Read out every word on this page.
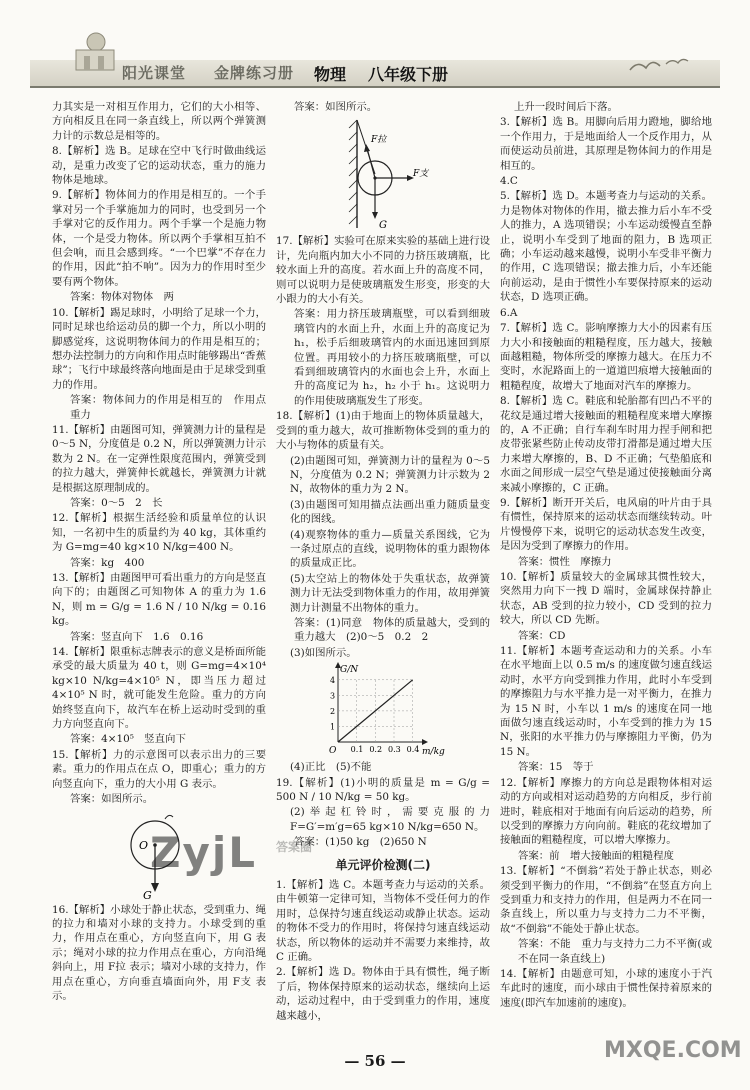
阳光课堂 金牌练习册 物理 八年级下册

力其实是一对相互作用力，它们的大小相等、方向相反且在同一条直线上，所以两个弹簧测力计的示数总是相等的。

8.【解析】选 B。足球在空中飞行时做曲线运动，是重力改变了它的运动状态，重力的施力物体是地球。

9.【解析】物体间力的作用是相互的。一个手掌对另一个手掌施加力的同时，也受到另一个手掌对它的反作用力。两个手掌一个是施力物体，一个是受力物体。所以两个手掌相互拍不但会响，而且会感到疼。“一个巴掌”不存在力的作用，因此“拍不响”。因为力的作用时至少要有两个物体。

答案：物体对物体　两

10.【解析】踢足球时，小明给了足球一个力，同时足球也给运动员的脚一个力，所以小明的脚感觉疼，这说明物体间力的作用是相互的；想办法控制力的方向和作用点时能够踢出“香蕉球”；飞行中球最终落向地面是由于足球受到重力的作用。

答案：物体间力的作用是相互的　作用点　重力

11.【解析】由题图可知，弹簧测力计的量程是 0～5 N，分度值是 0.2 N，所以弹簧测力计示数为 2 N。在一定弹性限度范围内，弹簧受到的拉力越大，弹簧伸长就越长，弹簧测力计就是根据这原理制成的。

答案：0～5　2　长

12.【解析】根据生活经验和质量单位的认识知，一名初中生的质量约为 40 kg，其体重约为 G=mg=40 kg×10 N/kg=400 N。

答案：kg　400

13.【解析】由题图甲可看出重力的方向是竖直向下的；由题图乙可知物体 A 的重力为 1.6 N，则 m = G/g = 1.6 N / 10 N/kg = 0.16 kg。

答案：竖直向下　1.6　0.16

14.【解析】限重标志牌表示的意义是桥面所能承受的最大质量为 40 t，则 G=mg=4×10⁴ kg×10 N/kg=4×10⁵ N，即当压力超过 4×10⁵ N 时，就可能发生危险。重力的方向始终竖直向下，故汽车在桥上运动时受到的重力方向竖直向下。

答案：4×10⁵　竖直向下

15.【解析】力的示意图可以表示出力的三要素。重力的作用点在点 O，即重心；重力的方向竖直向下，重力的大小用 G 表示。

答案：如图所示。

O
G

16.【解析】小球处于静止状态，受到重力、绳的拉力和墙对小球的支持力。小球受到的重力，作用点在重心，方向竖直向下，用 G 表示；绳对小球的拉力作用点在重心，方向沿绳斜向上，用 F拉 表示；墙对小球的支持力，作用点在重心，方向垂直墙面向外，用 F支 表示。

答案：如图所示。

F拉
F支
G

17.【解析】实验可在原来实验的基础上进行设计，先向瓶内加大小不同的力挤压玻璃瓶，比较水面上升的高度。若水面上升的高度不同，则可以说明力是使玻璃瓶发生形变，形变的大小跟力的大小有关。

答案：用力挤压玻璃瓶壁，可以看到细玻璃管内的水面上升，水面上升的高度记为 h₁，松手后细玻璃管内的水面迅速回到原位置。再用较小的力挤压玻璃瓶壁，可以看到细玻璃管内的水面也会上升，水面上升的高度记为 h₂，h₂ 小于 h₁。这说明力的作用使玻璃瓶发生了形变。

18.【解析】(1)由于地面上的物体质量越大，受到的重力越大，故可推断物体受到的重力的大小与物体的质量有关。

(2)由题图可知，弹簧测力计的量程为 0～5 N，分度值为 0.2 N；弹簧测力计示数为 2 N，故物体的重力为 2 N。

(3)由题图可知用描点法画出重力随质量变化的图线。

(4)观察物体的重力—质量关系图线，它为一条过原点的直线，说明物体的重力跟物体的质量成正比。

(5)太空站上的物体处于失重状态，故弹簧测力计无法受到物体重力的作用，故用弹簧测力计测量不出物体的重力。

答案：(1)同意　物体的质量越大，受到的重力越大　(2)0～5　0.2　2

(3)如图所示。

0.1 0.2 0.3 0.4
1
2
3
4
G/N
m/kg
O

(4)正比　(5)不能

19.【解析】(1)小明的质量是 m = G/g = 500 N / 10 N/kg = 50 kg。

(2)举起杠铃时，需要克服的力 F=G′=m′g=65 kg×10 N/kg=650 N。

答案：(1)50 kg　(2)650 N

单元评价检测(二)

1.【解析】选 C。本题考查力与运动的关系。由牛顿第一定律可知，当物体不受任何力的作用时，总保持匀速直线运动或静止状态。运动的物体不受力的作用时，将保持匀速直线运动状态，所以物体的运动并不需要力来维持，故 C 正确。

2.【解析】选 D。物体由于具有惯性，绳子断了后，物体保持原来的运动状态，继续向上运动，运动过程中，由于受到重力的作用，速度越来越小，

上升一段时间后下落。

3.【解析】选 B。用脚向后用力蹬地，脚给地一个作用力，于是地面给人一个反作用力，从而使运动员前进，其原理是物体间力的作用是相互的。

4.C

5.【解析】选 D。本题考查力与运动的关系。力是物体对物体的作用，撤去推力后小车不受人的推力，A 选项错误；小车运动缓慢直至静止，说明小车受到了地面的阻力，B 选项正确；小车运动越来越慢，说明小车受非平衡力的作用，C 选项错误；撤去推力后，小车还能向前运动，是由于惯性小车要保持原来的运动状态，D 选项正确。

6.A

7.【解析】选 C。影响摩擦力大小的因素有压力大小和接触面的粗糙程度，压力越大，接触面越粗糙，物体所受的摩擦力越大。在压力不变时，水泥路面上的一道道凹痕增大接触面的粗糙程度，故增大了地面对汽车的摩擦力。

8.【解析】选 C。鞋底和轮胎都有凹凸不平的花纹是通过增大接触面的粗糙程度来增大摩擦的，A 不正确；自行车刹车时用力捏手闸和把皮带张紧些防止传动皮带打滑都是通过增大压力来增大摩擦的，B、D 不正确；气垫船底和水面之间形成一层空气垫是通过使接触面分离来减小摩擦的，C 正确。

9.【解析】断开开关后，电风扇的叶片由于具有惯性，保持原来的运动状态而继续转动。叶片慢慢停下来，说明它的运动状态发生改变，是因为受到了摩擦力的作用。

答案：惯性　摩擦力

10.【解析】质量较大的金属球其惯性较大，突然用力向下一拽 D 端时，金属球保持静止状态，AB 受到的拉力较小，CD 受到的拉力较大，所以 CD 先断。

答案：CD

11.【解析】本题考查运动和力的关系。小车在水平地面上以 0.5 m/s 的速度做匀速直线运动时，水平方向受到推力作用，此时小车受到的摩擦阻力与水平推力是一对平衡力，在推力为 15 N 时，小车以 1 m/s 的速度在同一地面做匀速直线运动时，小车受到的推力为 15 N，张阳的水平推力仍与摩擦阻力平衡，仍为 15 N。

答案：15　等于

12.【解析】摩擦力的方向总是跟物体相对运动的方向或相对运动趋势的方向相反，步行前进时，鞋底相对于地面有向后运动的趋势，所以受到的摩擦力方向向前。鞋底的花纹增加了接触面的粗糙程度，可以增大摩擦力。

答案：前　增大接触面的粗糙程度

13.【解析】“不倒翁”若处于静止状态，则必须受到平衡力的作用，“不倒翁”在竖直方向上受到重力和支持力的作用，但是两力不在同一条直线上，所以重力与支持力二力不平衡，故“不倒翁”不能处于静止状态。

答案：不能　重力与支持力二力不平衡(或不在同一条直线上)

14.【解析】由题意可知，小球的速度小于汽车此时的速度，而小球由于惯性保持着原来的速度(即汽车加速前的速度)。

ZyjL 答案圈
MXQE.COM
— 56 —
